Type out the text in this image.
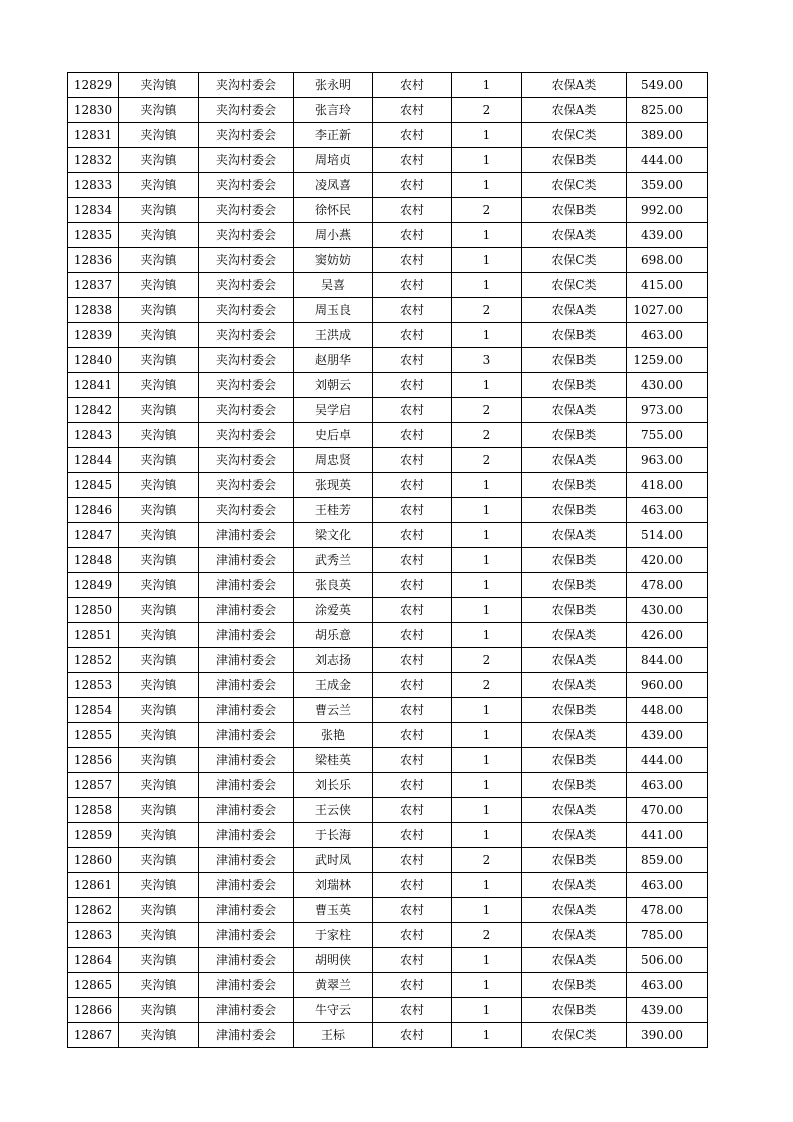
12829	夹沟镇	夹沟村委会	张永明	农村	1	农保A类	549.00
12830	夹沟镇	夹沟村委会	张言玲	农村	2	农保A类	825.00
12831	夹沟镇	夹沟村委会	李正新	农村	1	农保C类	389.00
12832	夹沟镇	夹沟村委会	周培贞	农村	1	农保B类	444.00
12833	夹沟镇	夹沟村委会	凌凤喜	农村	1	农保C类	359.00
12834	夹沟镇	夹沟村委会	徐怀民	农村	2	农保B类	992.00
12835	夹沟镇	夹沟村委会	周小燕	农村	1	农保A类	439.00
12836	夹沟镇	夹沟村委会	窦妨妨	农村	1	农保C类	698.00
12837	夹沟镇	夹沟村委会	吴喜	农村	1	农保C类	415.00
12838	夹沟镇	夹沟村委会	周玉良	农村	2	农保A类	1027.00
12839	夹沟镇	夹沟村委会	王洪成	农村	1	农保B类	463.00
12840	夹沟镇	夹沟村委会	赵朋华	农村	3	农保B类	1259.00
12841	夹沟镇	夹沟村委会	刘朝云	农村	1	农保B类	430.00
12842	夹沟镇	夹沟村委会	吴学启	农村	2	农保A类	973.00
12843	夹沟镇	夹沟村委会	史后卓	农村	2	农保B类	755.00
12844	夹沟镇	夹沟村委会	周忠贤	农村	2	农保A类	963.00
12845	夹沟镇	夹沟村委会	张现英	农村	1	农保B类	418.00
12846	夹沟镇	夹沟村委会	王桂芳	农村	1	农保B类	463.00
12847	夹沟镇	津浦村委会	梁文化	农村	1	农保A类	514.00
12848	夹沟镇	津浦村委会	武秀兰	农村	1	农保B类	420.00
12849	夹沟镇	津浦村委会	张良英	农村	1	农保B类	478.00
12850	夹沟镇	津浦村委会	涂爱英	农村	1	农保B类	430.00
12851	夹沟镇	津浦村委会	胡乐意	农村	1	农保A类	426.00
12852	夹沟镇	津浦村委会	刘志扬	农村	2	农保A类	844.00
12853	夹沟镇	津浦村委会	王成金	农村	2	农保A类	960.00
12854	夹沟镇	津浦村委会	曹云兰	农村	1	农保B类	448.00
12855	夹沟镇	津浦村委会	张艳	农村	1	农保A类	439.00
12856	夹沟镇	津浦村委会	梁桂英	农村	1	农保B类	444.00
12857	夹沟镇	津浦村委会	刘长乐	农村	1	农保B类	463.00
12858	夹沟镇	津浦村委会	王云侠	农村	1	农保A类	470.00
12859	夹沟镇	津浦村委会	于长海	农村	1	农保A类	441.00
12860	夹沟镇	津浦村委会	武时凤	农村	2	农保B类	859.00
12861	夹沟镇	津浦村委会	刘瑞林	农村	1	农保A类	463.00
12862	夹沟镇	津浦村委会	曹玉英	农村	1	农保A类	478.00
12863	夹沟镇	津浦村委会	于家柱	农村	2	农保A类	785.00
12864	夹沟镇	津浦村委会	胡明侠	农村	1	农保A类	506.00
12865	夹沟镇	津浦村委会	黄翠兰	农村	1	农保B类	463.00
12866	夹沟镇	津浦村委会	牛守云	农村	1	农保B类	439.00
12867	夹沟镇	津浦村委会	王标	农村	1	农保C类	390.00
